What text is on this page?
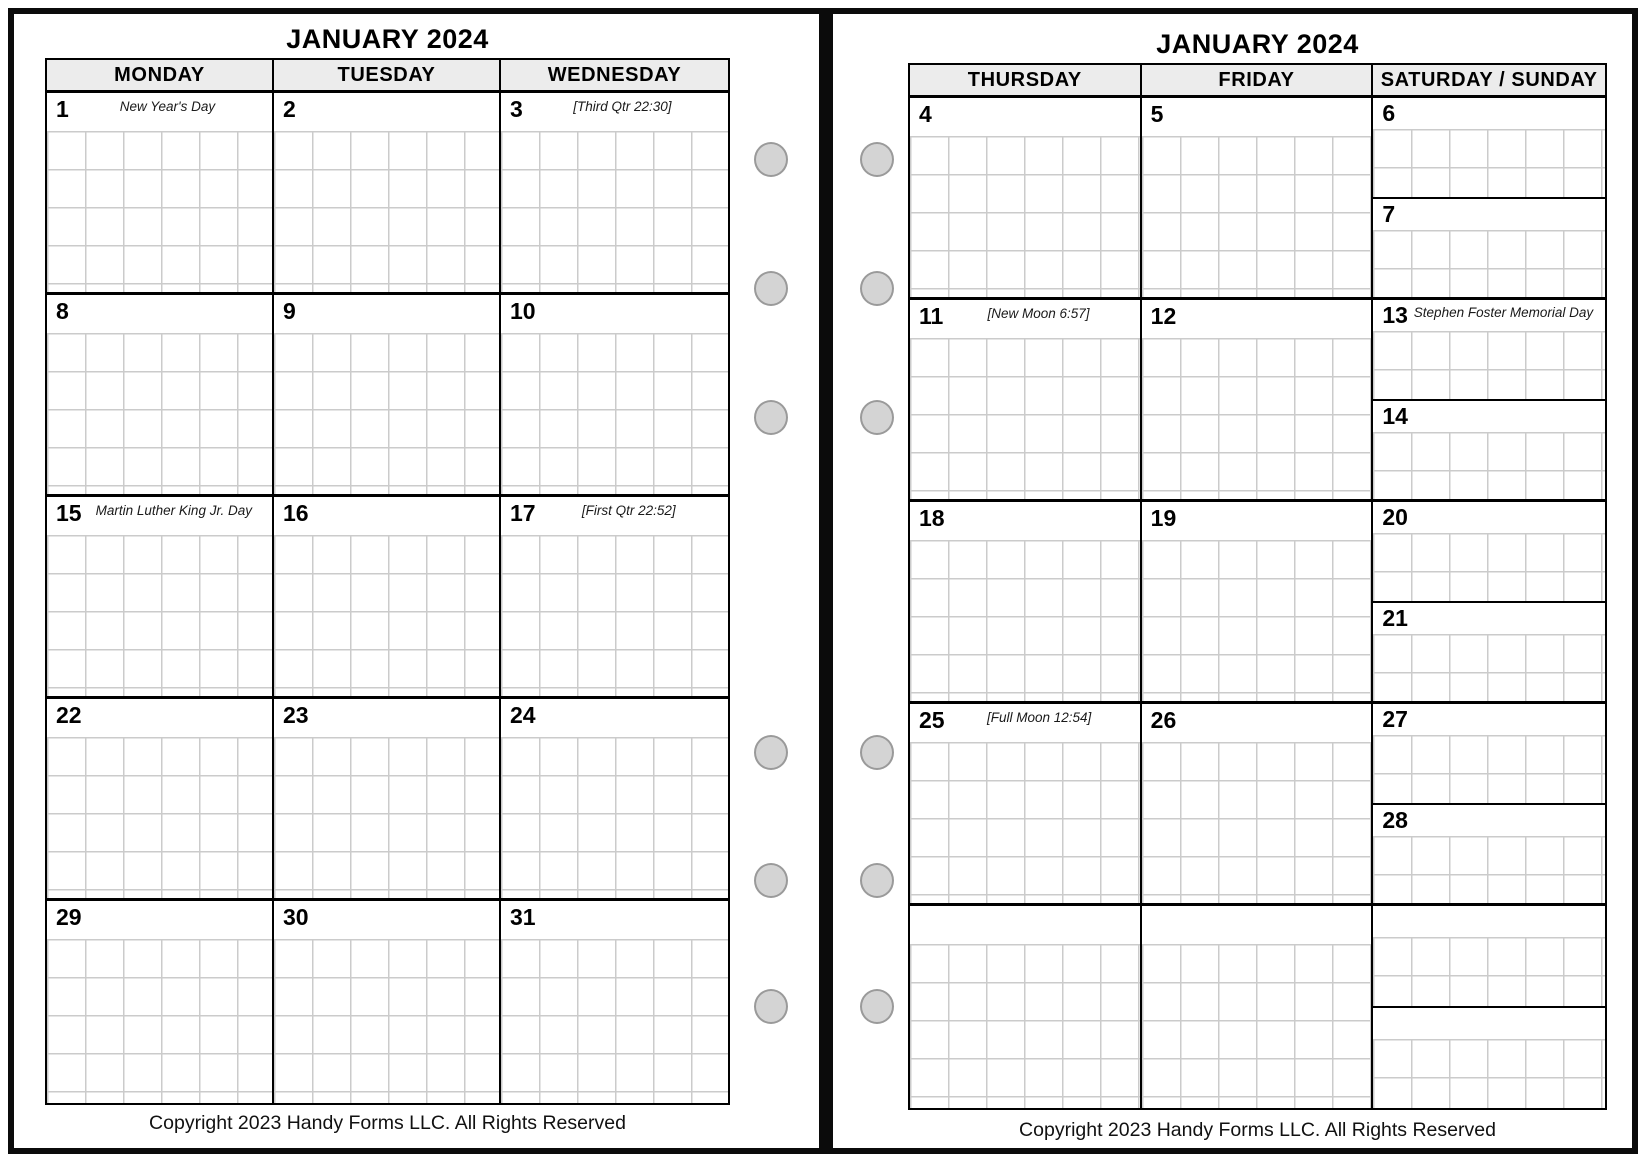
JANUARY 2024
MONDAY	TUESDAY	WEDNESDAY
1	New Year's Day	2	3	[Third Qtr 22:30]
8	9	10
15	Martin Luther King Jr. Day	16	17	[First Qtr 22:52]
22	23	24
29	30	31
Copyright 2023 Handy Forms LLC. All Rights Reserved
JANUARY 2024
THURSDAY	FRIDAY	SATURDAY / SUNDAY
4	5	6
7
11	[New Moon 6:57]	12	13 Stephen Foster Memorial Day
14
18	19	20
21
25	[Full Moon 12:54]	26	27
28
Copyright 2023 Handy Forms LLC. All Rights Reserved
